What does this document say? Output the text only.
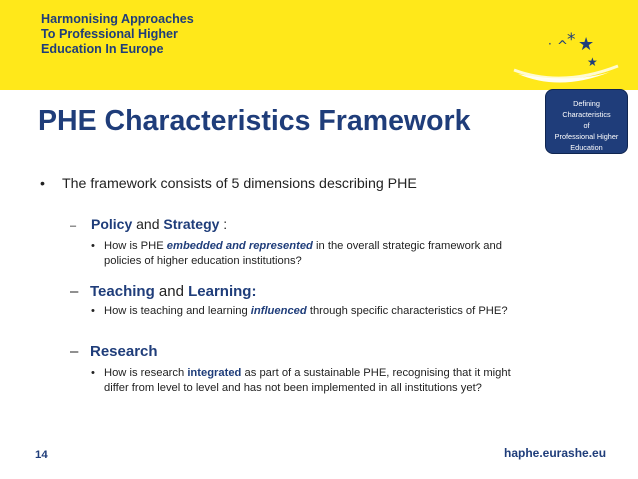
· ^ * ★
★
Harmonising Approaches
To Professional Higher
Education In Europe
Defining
Characteristics
of
Professional Higher
Education
PHE Characteristics Framework
• The framework consists of 5 dimensions describing PHE
– Policy and Strategy :
• How is PHE embedded and represented in the overall strategic framework and
policies of higher education institutions?
– Teaching and Learning:
• How is teaching and learning influenced through specific characteristics of PHE?
– Research
• How is research integrated as part of a sustainable PHE, recognising that it might
differ from level to level and has not been implemented in all institutions yet?
14	haphe.eurashe.eu
